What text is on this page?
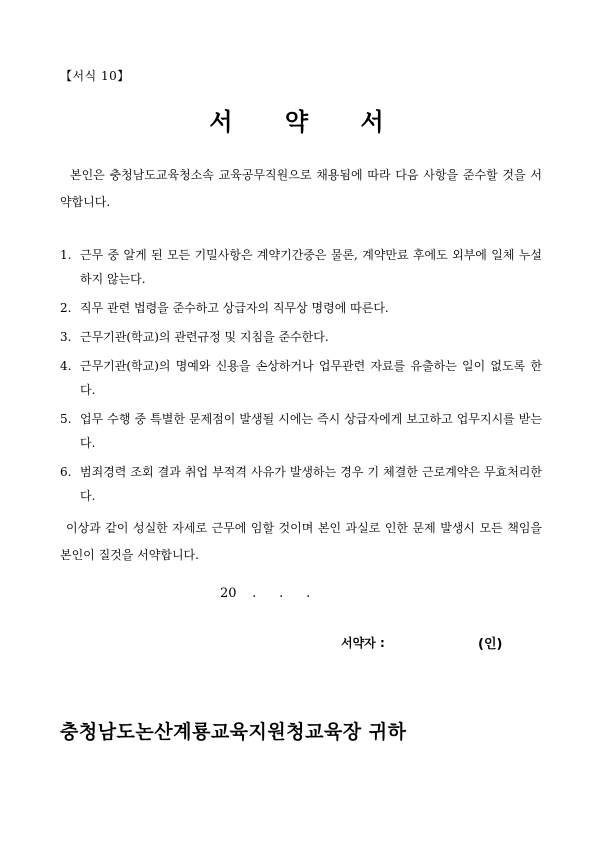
【서식 10】
서 약 서

본인은 충청남도교육청소속 교육공무직원으로 채용됨에 따라 다음 사항을 준수할 것을 서약합니다.

1. 근무 중 알게 된 모든 기밀사항은 계약기간중은 물론, 계약만료 후에도 외부에 일체 누설하지 않는다.
2. 직무 관련 법령을 준수하고 상급자의 직무상 명령에 따른다.
3. 근무기관(학교)의 관련규정 및 지침을 준수한다.
4. 근무기관(학교)의 명예와 신용을 손상하거나 업무관련 자료를 유출하는 일이 없도록 한다.
5. 업무 수행 중 특별한 문제점이 발생될 시에는 즉시 상급자에게 보고하고 업무지시를 받는다.
6. 범죄경력 조회 결과 취업 부적격 사유가 발생하는 경우 기 체결한 근로계약은 무효처리한다.

이상과 같이 성실한 자세로 근무에 임할 것이며 본인 과실로 인한 문제 발생시 모든 책임을 본인이 질것을 서약합니다.

20 . . .
서약자 :	(인)
충청남도논산계룡교육지원청교육장 귀하
